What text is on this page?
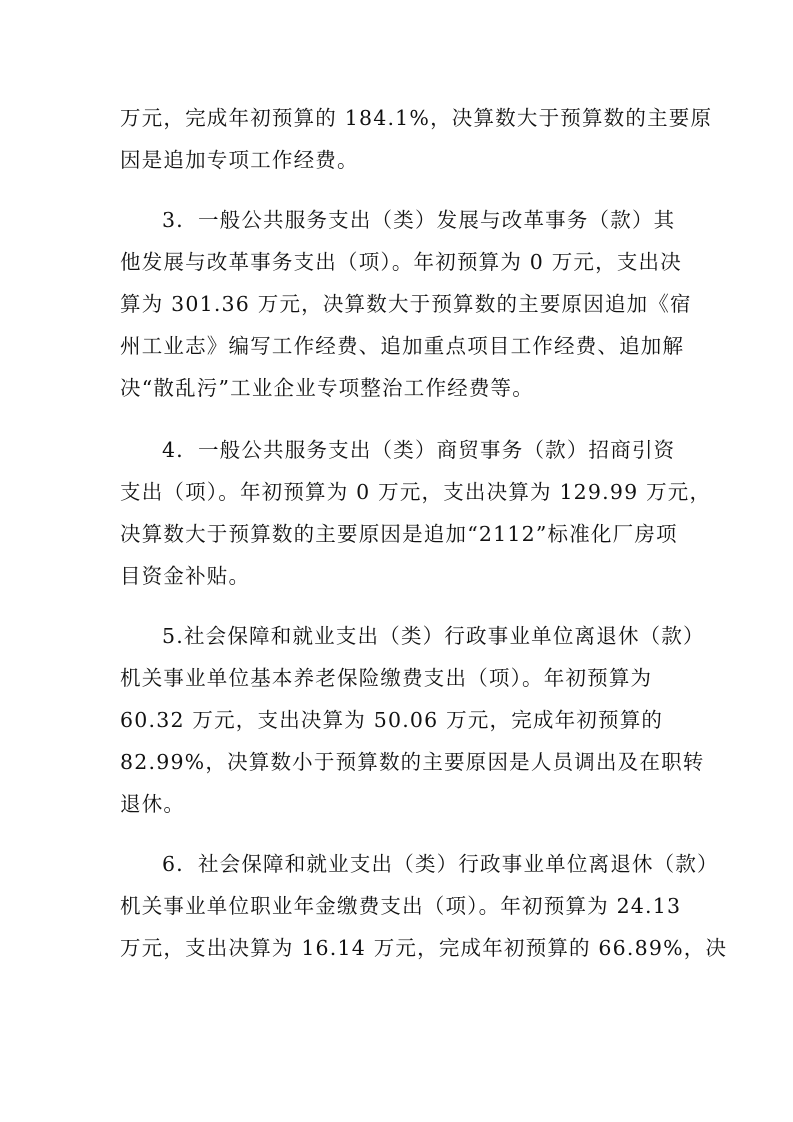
万元，完成年初预算的 184.1%，决算数大于预算数的主要原
因是追加专项工作经费。
3．一般公共服务支出（类）发展与改革事务（款）其
他发展与改革事务支出（项）。年初预算为 0 万元，支出决
算为 301.36 万元，决算数大于预算数的主要原因追加《宿
州工业志》编写工作经费、追加重点项目工作经费、追加解
决“散乱污”工业企业专项整治工作经费等。
4．一般公共服务支出（类）商贸事务（款）招商引资
支出（项）。年初预算为 0 万元，支出决算为 129.99 万元，
决算数大于预算数的主要原因是追加“2112”标准化厂房项
目资金补贴。
5.社会保障和就业支出（类）行政事业单位离退休（款）
机关事业单位基本养老保险缴费支出（项）。年初预算为
60.32 万元，支出决算为 50.06 万元，完成年初预算的
82.99%，决算数小于预算数的主要原因是人员调出及在职转
退休。
6．社会保障和就业支出（类）行政事业单位离退休（款）
机关事业单位职业年金缴费支出（项）。年初预算为 24.13
万元，支出决算为 16.14 万元，完成年初预算的 66.89%，决
